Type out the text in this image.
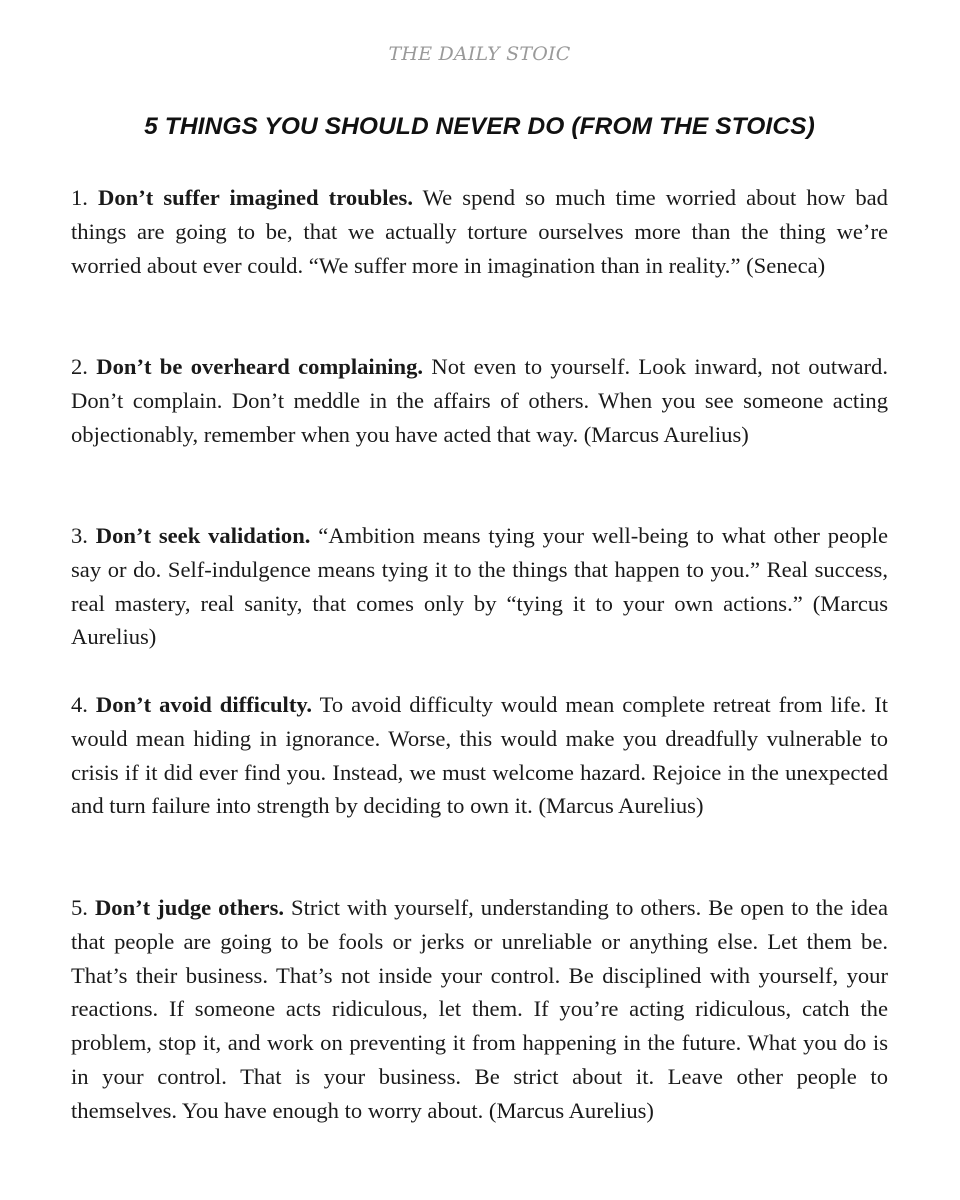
THE DAILY STOIC
5 THINGS YOU SHOULD NEVER DO (FROM THE STOICS)

1. Don’t suffer imagined troubles. We spend so much time worried about how bad things are going to be, that we actually torture ourselves more than the thing we’re worried about ever could. “We suffer more in imagination than in reality.” (Seneca)

2. Don’t be overheard complaining. Not even to yourself. Look inward, not outward. Don’t complain. Don’t meddle in the affairs of others. When you see someone acting objectionably, remember when you have acted that way. (Marcus Aurelius)

3. Don’t seek validation. “Ambition means tying your well-being to what other people say or do. Self-indulgence means tying it to the things that happen to you.” Real success, real mastery, real sanity, that comes only by “tying it to your own actions.” (Marcus Aurelius)

4. Don’t avoid difficulty. To avoid difficulty would mean complete retreat from life. It would mean hiding in ignorance. Worse, this would make you dreadfully vulnerable to crisis if it did ever find you. Instead, we must welcome hazard. Rejoice in the unexpected and turn failure into strength by deciding to own it. (Marcus Aurelius)

5. Don’t judge others. Strict with yourself, understanding to others. Be open to the idea that people are going to be fools or jerks or unreliable or anything else. Let them be. That’s their business. That’s not inside your control. Be disciplined with yourself, your reactions. If someone acts ridiculous, let them. If you’re acting ridiculous, catch the problem, stop it, and work on preventing it from happening in the future. What you do is in your control. That is your business. Be strict about it. Leave other people to themselves. You have enough to worry about. (Marcus Aurelius)
